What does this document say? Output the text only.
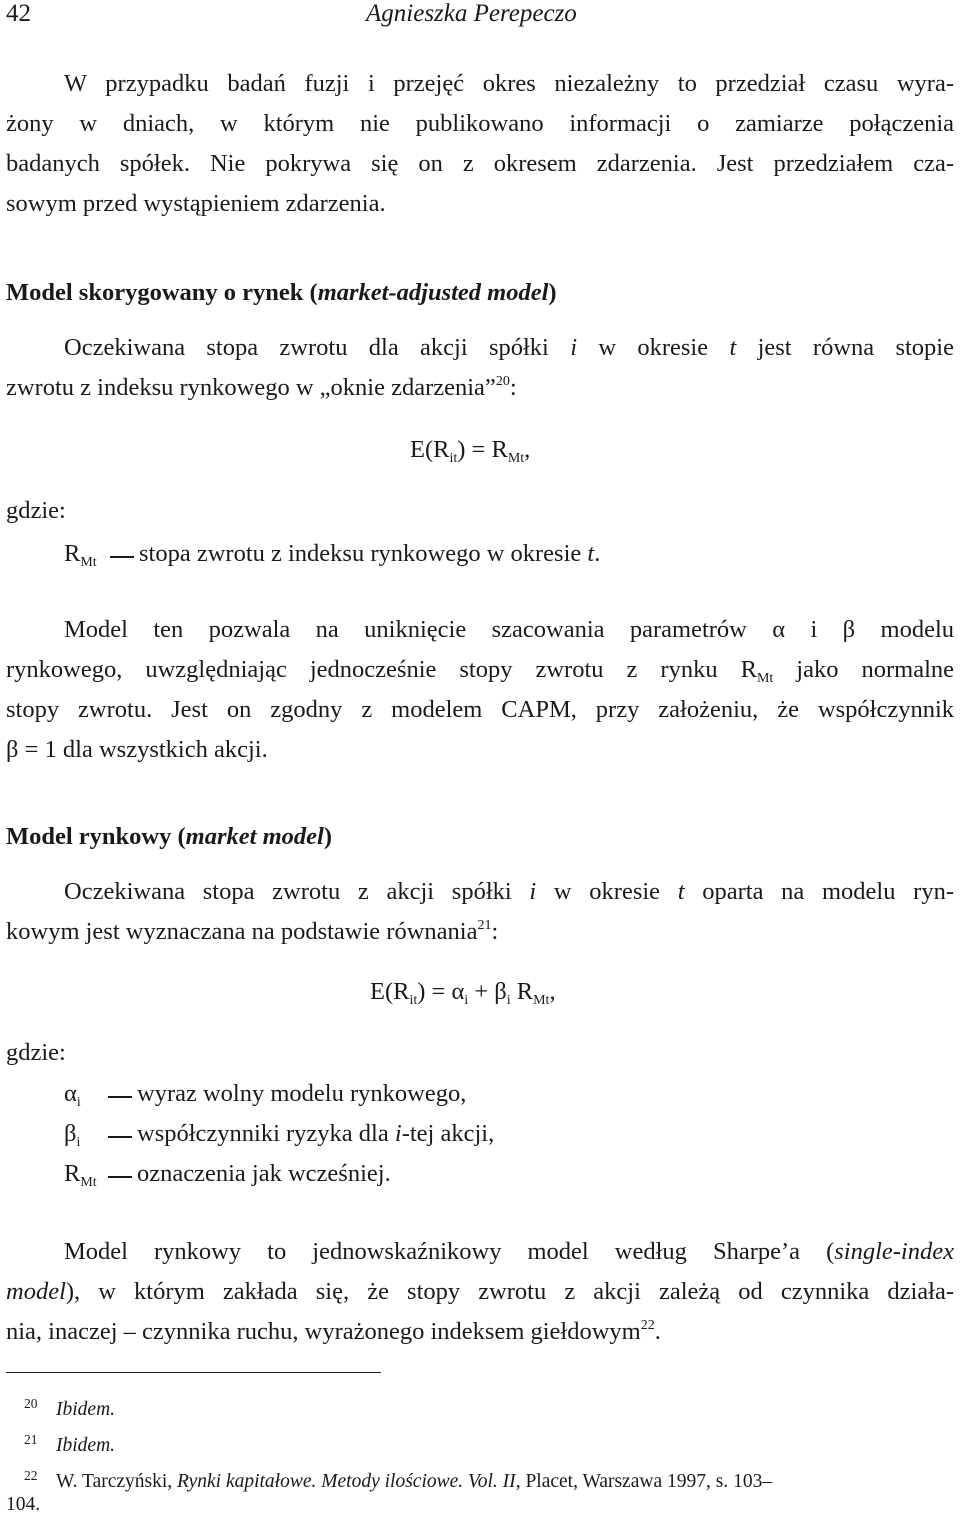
42	Agnieszka Perepeczo
W przypadku badań fuzji i przejęć okres niezależny to przedział czasu wyra-
żony w dniach, w którym nie publikowano informacji o zamiarze połączenia
badanych spółek. Nie pokrywa się on z okresem zdarzenia. Jest przedziałem cza-
sowym przed wystąpieniem zdarzenia.
Model skorygowany o rynek (market-adjusted model)
Oczekiwana stopa zwrotu dla akcji spółki i w okresie t jest równa stopie
zwrotu z indeksu rynkowego w „oknie zdarzenia”$^{20}$:
$E(R_{it}) = R_{Mt}$,
gdzie:
$R_{Mt}$ stopa zwrotu z indeksu rynkowego w okresie t.
Model ten pozwala na uniknięcie szacowania parametrów α i β modelu
rynkowego, uwzględniając jednocześnie stopy zwrotu z rynku $R_{Mt}$ jako normalne
stopy zwrotu. Jest on zgodny z modelem CAPM, przy założeniu, że współczynnik
β = 1 dla wszystkich akcji.
Model rynkowy (market model)
Oczekiwana stopa zwrotu z akcji spółki i w okresie t oparta na modelu ryn-
kowym jest wyznaczana na podstawie równania$^{21}$:
$E(R_{it}) = \alpha_i + \beta_i$ $R_{Mt}$,
gdzie:
$\alpha_i$ wyraz wolny modelu rynkowego,
$\beta_i$ współczynniki ryzyka dla i-tej akcji,
$R_{Mt}$ oznaczenia jak wcześniej.
Model rynkowy to jednowskaźnikowy model według Sharpe’a (single-index
model), w którym zakłada się, że stopy zwrotu z akcji zależą od czynnika działa-
nia, inaczej – czynnika ruchu, wyrażonego indeksem giełdowym$^{22}$.
20 Ibidem.
21 Ibidem.
22 W. Tarczyński, Rynki kapitałowe. Metody ilościowe. Vol. II, Placet, Warszawa 1997, s. 103–
104.
